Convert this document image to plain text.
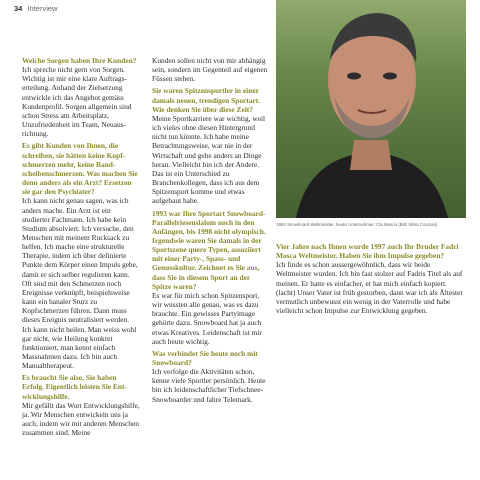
34 Interview

Welche Sorgen haben Ihre Kunden?

Ich spreche nicht gern von Sorgen. Wichtig ist mir eine klare Auftragserteilung. Anhand der Zielsetzung entwickle ich das Angebot gemäss Kundenprofil. Sorgen allgemein sind schon Stress am Arbeitsplatz, Unzufriedenheit im Team, Neuausrichtung.

Es gibt Kunden von Ihnen, die schreiben, sie hätten keine Kopfschmerzen mehr, keine Bandscheibenschmerzen. Was machen Sie denn anders als ein Arzt? Ersetzen sie gar den Psychiater?

Ich kann nicht genau sagen, was ich anders mache. Ein Arzt ist ein studierter Fachmann. Ich habe kein Studium absolviert. Ich versuche, den Menschen mit meinem Rucksack zu helfen. Ich mache eine strukturelle Therapie, indem ich über definierte Punkte dem Körper einen Impuls gebe, damit er sich selber regulieren kann. Oft sind mit den Schmerzen noch Ereignisse verknüpft, beispielsweise kann ein banaler Sturz zu Kopfschmerzen führen. Dann muss dieses Ereignis neutralisiert werden. Ich kann nicht heilen. Man weiss wohl gar nicht, wie Heilung konkret funktioniert, man kennt einfach Massnahmen dazu. Ich bin auch Manualtherapeut.

Es braucht Sie also, Sie haben Erfolg. Eigentlich leisten Sie Entwicklungshilfe.

Mir gefällt das Wort Entwicklungshilfe, ja. Wir Menschen entwickeln uns ja auch, indem wir mit anderen Menschen zusammen sind. Meine

Kunden sollen nicht von mir abhängig sein, sondern im Gegenteil auf eigenen Füssen stehen.

Sie waren Spitzensportler in einer damals neuen, trendigen Sportart. Wie denken Sie über diese Zeit?

Meine Sportkarriere war wichtig, weil ich vieles ohne diesen Hintergrund nicht tun könnte. Ich habe meine Betrachtungsweise, war nie in der Wirtschaft und gehe anders an Dinge heran. Vielleicht bin ich der Andere. Das ist ein Unterschied zu Branchenkollegen, dass ich aus dem Spitzensport komme und etwas aufgebaut habe.

1993 war Ihre Sportart Snowboard-Parallelriesenslalom noch in den Anfängen, bis 1998 nicht olympisch. Irgendwie waren Sie damals in der Sportszene quere Typen, assoziiert mit einer Party-, Spass- und Genusskultur. Zeichnet es Sie aus, dass Sie in diesem Sport an der Spitze waren?

Es war für mich schon Spitzensport, wir wussten alle genau, was es dazu brauchte. Ein gewisses Partyimage gehörte dazu. Snowboard hat ja auch etwas Kreatives. Leidenschaft ist mir auch heute wichtig.

Was verbindet Sie heute noch mit Snowboard?

Ich verfolge die Aktivitäten schon, kenne viele Sportler persönlich. Heute bin ich leidenschaftlicher Tiefschnee-Snowboarder und fahre Telemark.

1993 Snowboard-Weltmeister, heute Unternehmer: Cla Mosca (Bild Silvia Conzian)

Vier Jahre nach Ihnen wurde 1997 auch Ihr Bruder Fadri Mosca Weltmeister. Haben Sie ihm Impulse gegeben?

Ich finde es schon aussergewöhnlich, dass wir beide Weltmeister wurden. Ich bin fast stolzer auf Fadris Titel als auf meinen. Er hatte es einfacher, er hat mich einfach kopiert. (lacht) Unser Vater ist früh gestorben, dann war ich als Ältester vermutlich unbewusst ein wenig in der Vaterrolle und habe vielleicht schon Impulse zur Entwicklung gegeben.
